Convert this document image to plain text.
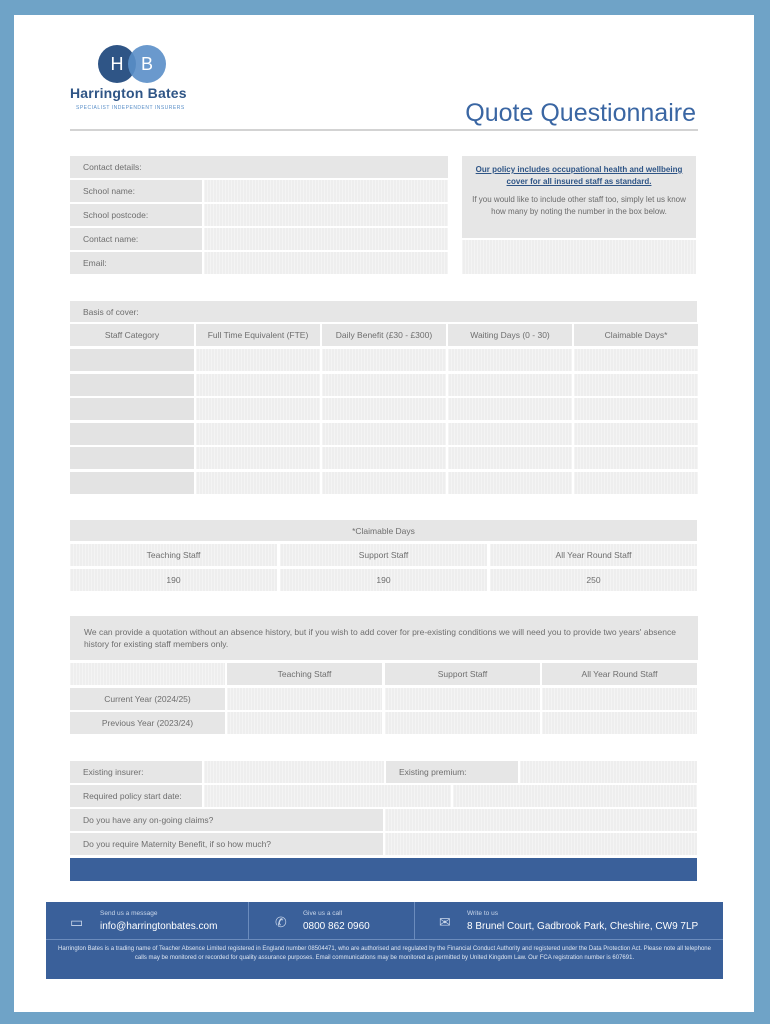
H B
Harrington Bates
SPECIALIST INDEPENDENT INSURERS	Quote Questionnaire
Contact details:
School name:
School postcode:
Contact name:
Email:
Our policy includes occupational health and wellbeing cover for all insured staff as standard.
If you would like to include other staff too, simply let us know how many by noting the number in the box below.
Basis of cover:
*Claimable Days
We can provide a quotation without an absence history, but if you wish to add cover for pre-existing conditions we will need you to provide two years' absence history for existing staff members only.
Existing insurer:	Existing premium:
Required policy start date:
Do you have any on-going claims?
Do you require Maternity Benefit, if so how much?
▭
Send us a message
info@harringtonbates.com	✆
Give us a call
0800 862 0960	✉
Write to us
8 Brunel Court, Gadbrook Park, Cheshire, CW9 7LP
Harrington Bates is a trading name of Teacher Absence Limited registered in England number 08504471, who are authorised and regulated by the Financial Conduct Authority and registered under the Data Protection Act. Please note all telephone calls may be monitored or recorded for quality assurance purposes. Email communications may be monitored as permitted by United Kingdom Law. Our FCA registration number is 607691.
Staff Category	Full Time Equivalent (FTE)	Daily Benefit (£30 - £300)	Waiting Days (0 - 30)	Claimable Days*
Teaching Staff	Support Staff	All Year Round Staff
190	190	250
Teaching Staff	Support Staff	All Year Round Staff
Current Year (2024/25)
Previous Year (2023/24)
